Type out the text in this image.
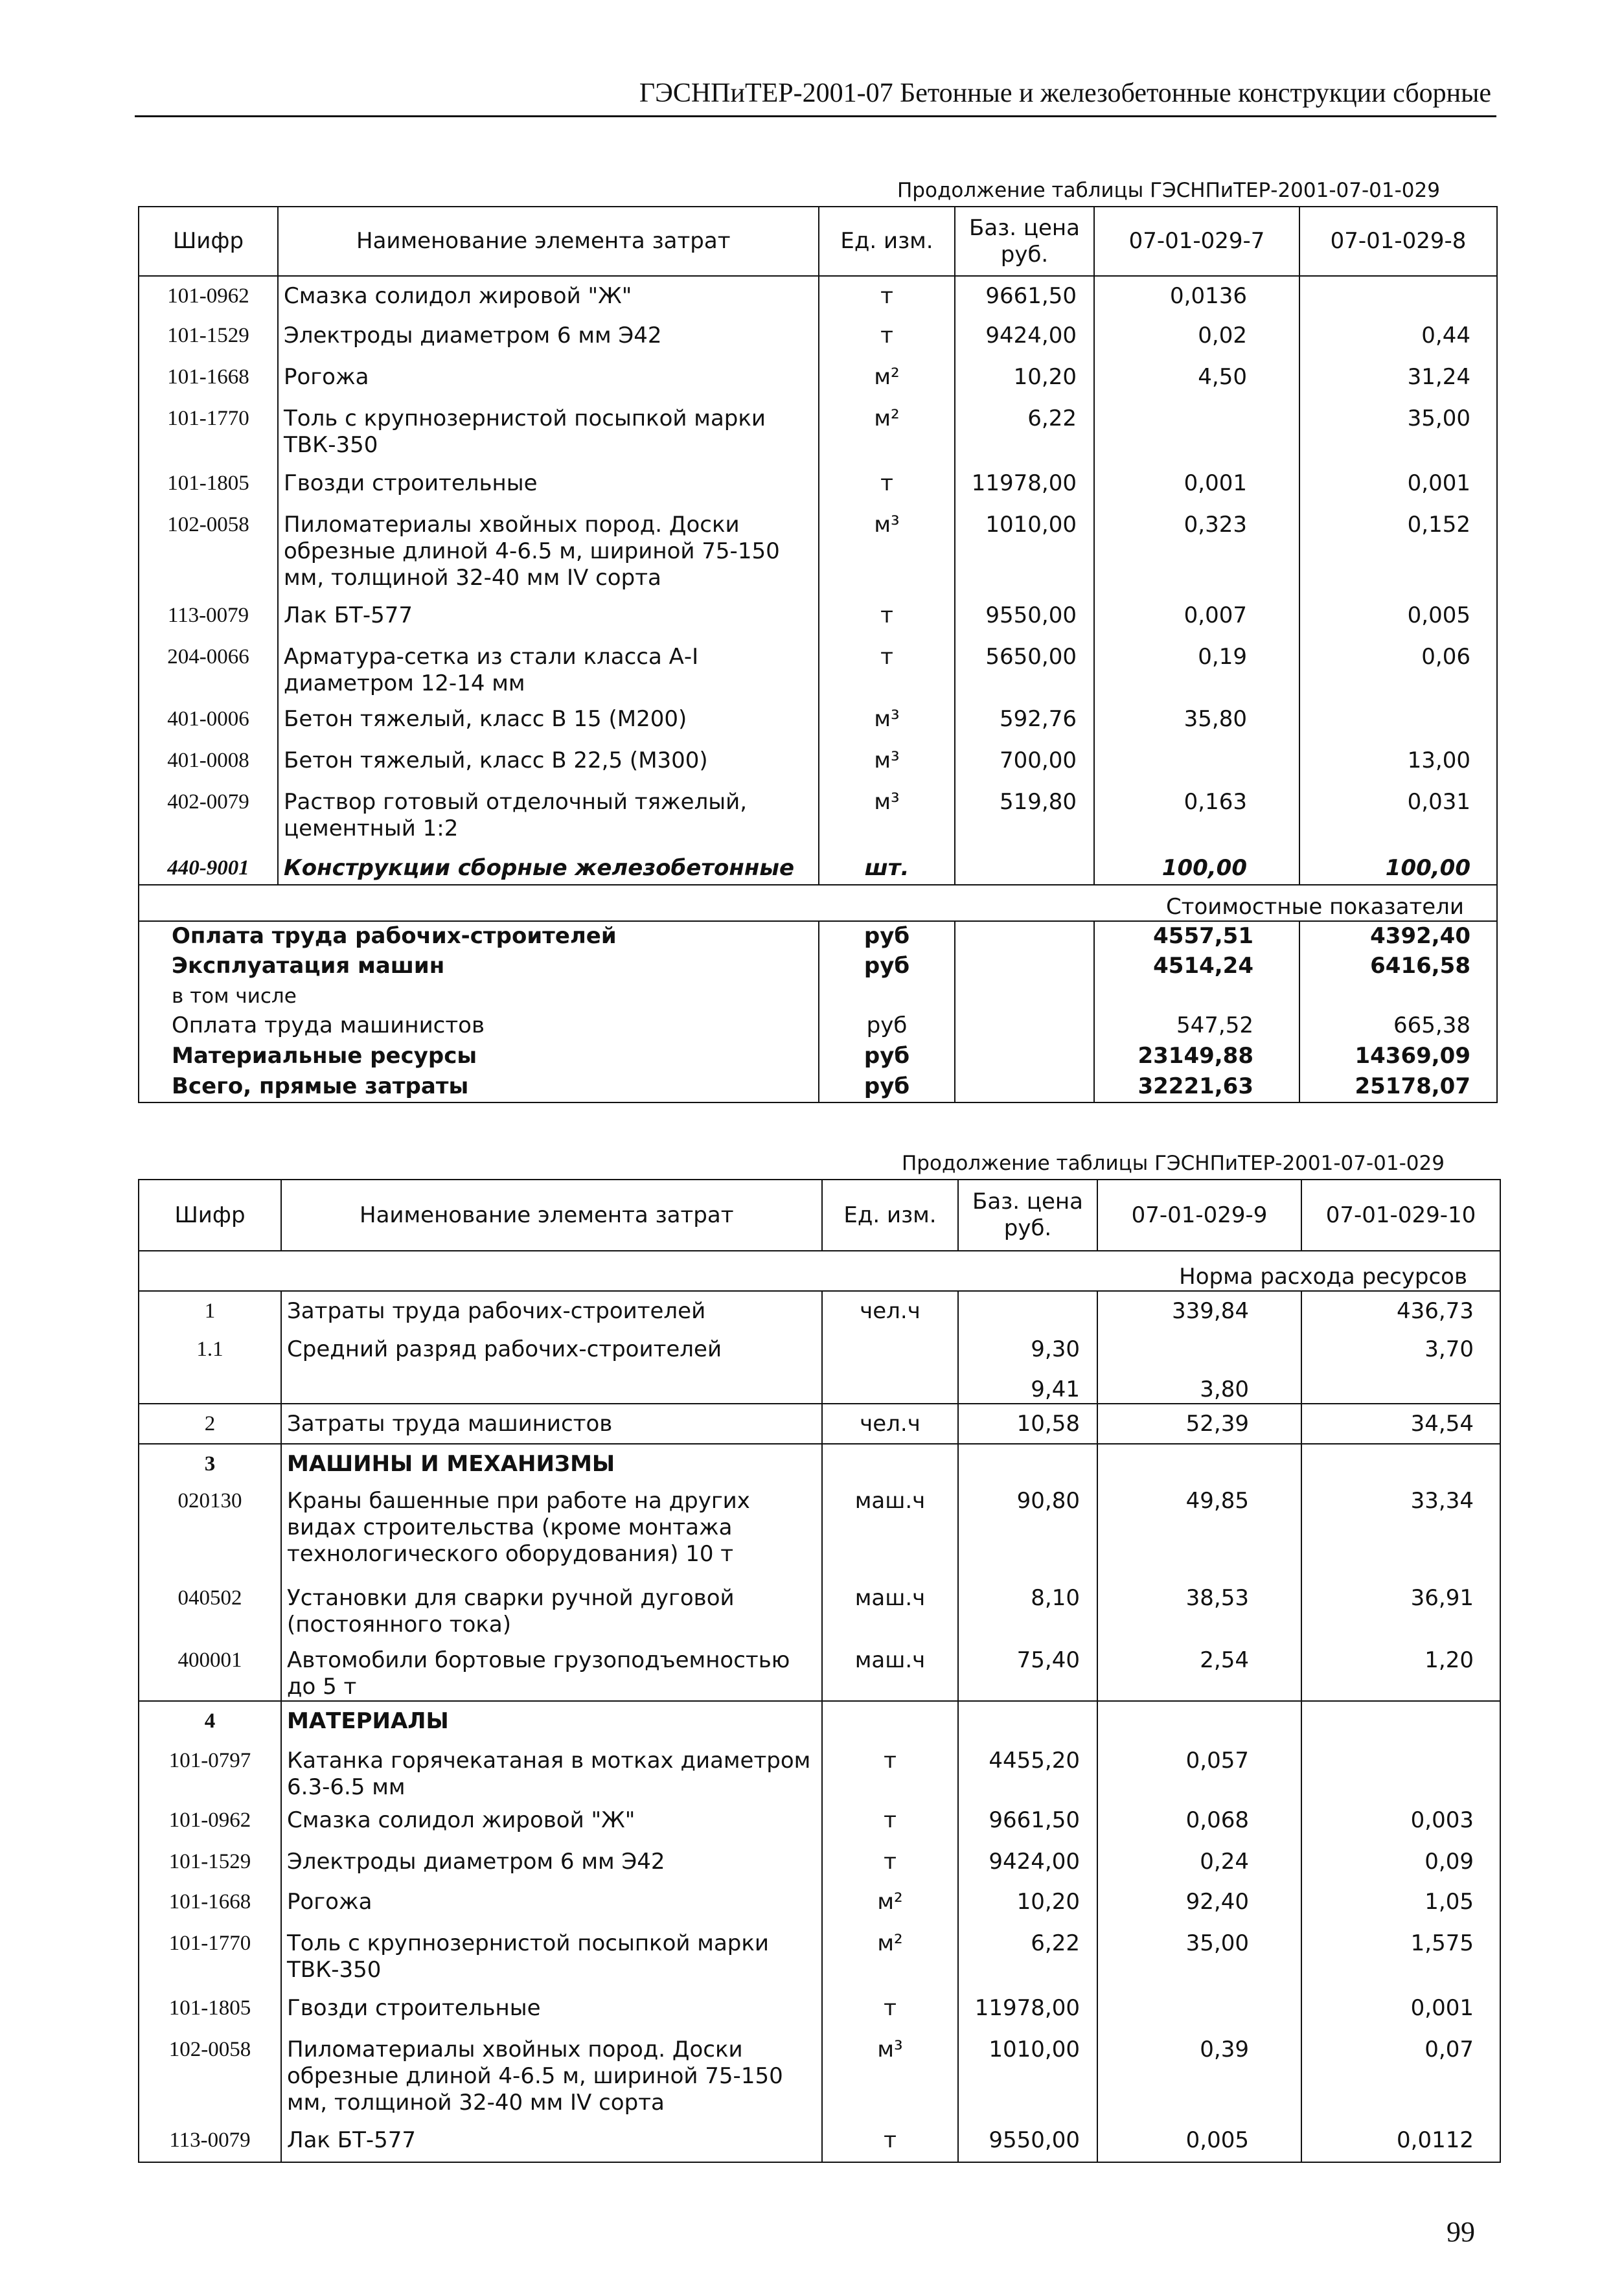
ГЭСНПиТЕР-2001-07 Бетонные и железобетонные конструкции сборные
Продолжение таблицы ГЭСНПиТЕР-2001-07-01-029
Шифр	Наименование элемента затрат	Ед. изм.	Баз. цена руб.	07-01-029-7	07-01-029-8
101-0962	Смазка солидол жировой "Ж"	т	9661,50	0,0136	
101-1529	Электроды диаметром 6 мм Э42	т	9424,00	0,02	0,44
101-1668	Рогожа	м²	10,20	4,50	31,24
101-1770	Толь с крупнозернистой посыпкой марки ТВК-350	м²	6,22		35,00
101-1805	Гвозди строительные	т	11978,00	0,001	0,001
102-0058	Пиломатериалы хвойных пород. Доски обрезные длиной 4-6.5 м, шириной 75-150 мм, толщиной 32-40 мм IV сорта	м³	1010,00	0,323	0,152
113-0079	Лак БТ-577	т	9550,00	0,007	0,005
204-0066	Арматура-сетка из стали класса А-I диаметром 12-14 мм	т	5650,00	0,19	0,06
401-0006	Бетон тяжелый, класс В 15 (М200)	м³	592,76	35,80	
401-0008	Бетон тяжелый, класс В 22,5 (М300)	м³	700,00		13,00
402-0079	Раствор готовый отделочный тяжелый, цементный 1:2	м³	519,80	0,163	0,031
440-9001	Конструкции сборные железобетонные	шт.		100,00	100,00
Стоимостные показатели					
Оплата труда рабочих-строителей		руб		4557,51	4392,40
Эксплуатация машин		руб		4514,24	6416,58
в том числе					
Оплата труда машинистов		руб		547,52	665,38
Материальные ресурсы		руб		23149,88	14369,09
Всего, прямые затраты		руб		32221,63	25178,07
Продолжение таблицы ГЭСНПиТЕР-2001-07-01-029
Шифр	Наименование элемента затрат	Ед. изм.	Баз. цена руб.	07-01-029-9	07-01-029-10
Норма расхода ресурсов					
1	Затраты труда рабочих-строителей	чел.ч		339,84	436,73
1.1	Средний разряд рабочих-строителей		9,30		3,70
			9,41	3,80	
2	Затраты труда машинистов	чел.ч	10,58	52,39	34,54
3	МАШИНЫ И МЕХАНИЗМЫ				
020130	Краны башенные при работе на других видах строительства (кроме монтажа технологического оборудования) 10 т	маш.ч	90,80	49,85	33,34
040502	Установки для сварки ручной дуговой (постоянного тока)	маш.ч	8,10	38,53	36,91
400001	Автомобили бортовые грузоподъемностью до 5 т	маш.ч	75,40	2,54	1,20
4	МАТЕРИАЛЫ				
101-0797	Катанка горячекатаная в мотках диаметром 6.3-6.5 мм	т	4455,20	0,057	
101-0962	Смазка солидол жировой "Ж"	т	9661,50	0,068	0,003
101-1529	Электроды диаметром 6 мм Э42	т	9424,00	0,24	0,09
101-1668	Рогожа	м²	10,20	92,40	1,05
101-1770	Толь с крупнозернистой посыпкой марки ТВК-350	м²	6,22	35,00	1,575
101-1805	Гвозди строительные	т	11978,00		0,001
102-0058	Пиломатериалы хвойных пород. Доски обрезные длиной 4-6.5 м, шириной 75-150 мм, толщиной 32-40 мм IV сорта	м³	1010,00	0,39	0,07
113-0079	Лак БТ-577	т	9550,00	0,005	0,0112
99
